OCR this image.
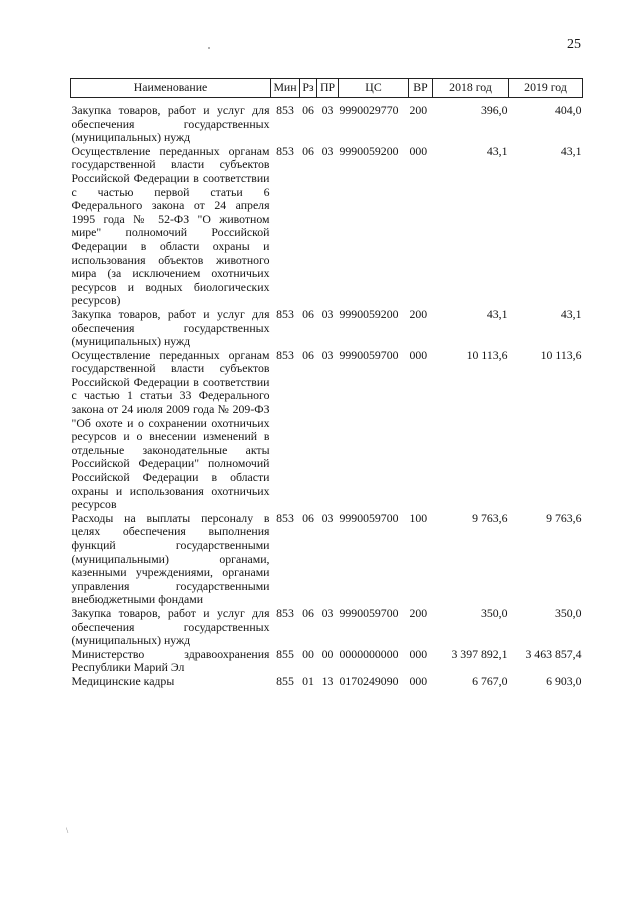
25
Наименование	Мин	Рз	ПР	ЦС	ВР	2018 год	2019 год

Закупка товаров, работ и услуг для обеспечения государственных (муниципальных) нужд	853	06	03	9990029770	200	396,0	404,0
Осуществление переданных органам государственной власти субъектов Российской Федерации в соответствии с частью первой статьи 6 Федерального закона от 24 апреля 1995 года № 52-ФЗ "О животном мире" полномочий Российской Федерации в области охраны и использования объектов животного мира (за исключением охотничьих ресурсов и водных биологических ресурсов)	853	06	03	9990059200	000	43,1	43,1
Закупка товаров, работ и услуг для обеспечения государственных (муниципальных) нужд	853	06	03	9990059200	200	43,1	43,1
Осуществление переданных органам государственной власти субъектов Российской Федерации в соответствии с частью 1 статьи 33 Федерального закона от 24 июля 2009 года № 209-ФЗ "Об охоте и о сохранении охотничьих ресурсов и о внесении изменений в отдельные законодательные акты Российской Федерации" полномочий Российской Федерации в области охраны и использования охотничьих ресурсов	853	06	03	9990059700	000	10 113,6	10 113,6
Расходы на выплаты персоналу в целях обеспечения выполнения функций государственными (муниципальными) органами, казенными учреждениями, органами управления государственными внебюджетными фондами	853	06	03	9990059700	100	9 763,6	9 763,6
Закупка товаров, работ и услуг для обеспечения государственных (муниципальных) нужд	853	06	03	9990059700	200	350,0	350,0
Министерство здравоохранения Республики Марий Эл	855	00	00	0000000000	000	3 397 892,1	3 463 857,4
Медицинские кадры	855	01	13	0170249090	000	6 767,0	6 903,0
\
